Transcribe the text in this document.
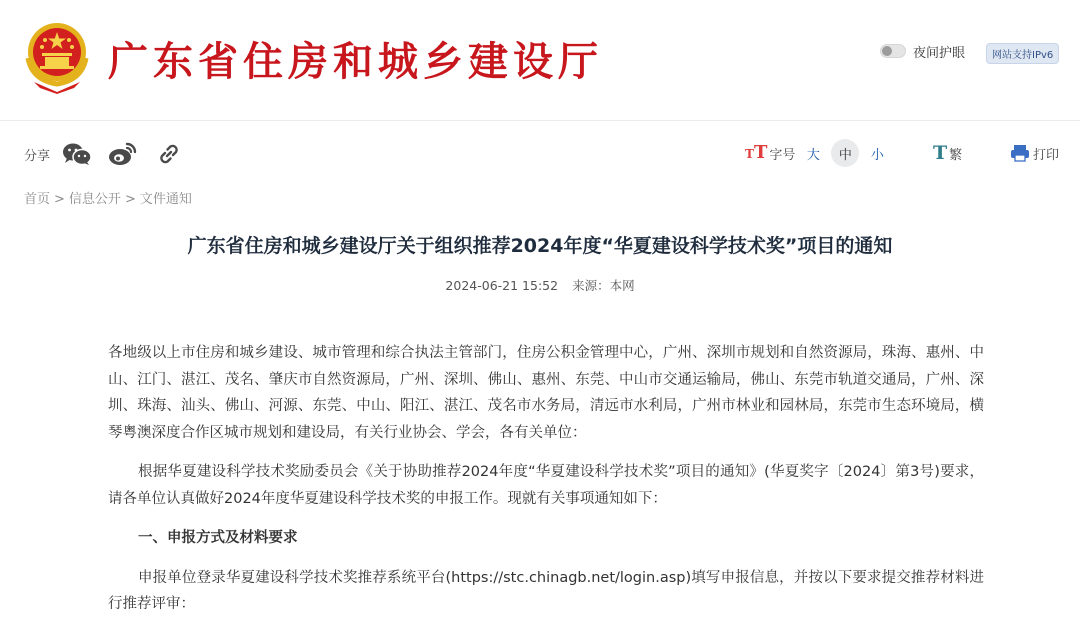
广东省住房和城乡建设厅	夜间护眼	网站支持IPv6
分享	TT 字号 大	中	小	T 繁	打印
首页 > 信息公开 > 文件通知
广东省住房和城乡建设厅关于组织推荐2024年度“华夏建设科学技术奖”项目的通知
2024-06-21 15:52 来源：本网

各地级以上市住房和城乡建设、城市管理和综合执法主管部门，住房公积金管理中心，广州、深圳市规划和自然资源局，珠海、惠州、中山、江门、湛江、茂名、肇庆市自然资源局，广州、深圳、佛山、惠州、东莞、中山市交通运输局，佛山、东莞市轨道交通局，广州、深圳、珠海、汕头、佛山、河源、东莞、中山、阳江、湛江、茂名市水务局，清远市水利局，广州市林业和园林局，东莞市生态环境局，横琴粤澳深度合作区城市规划和建设局，有关行业协会、学会，各有关单位：

根据华夏建设科学技术奖励委员会《关于协助推荐2024年度“华夏建设科学技术奖”项目的通知》(华夏奖字〔2024〕第3号)要求，请各单位认真做好2024年度华夏建设科学技术奖的申报工作。现就有关事项通知如下：

一、申报方式及材料要求

申报单位登录华夏建设科学技术奖推荐系统平台(https://stc.chinagb.net/login.asp)填写申报信息，并按以下要求提交推荐材料进行推荐评审：
